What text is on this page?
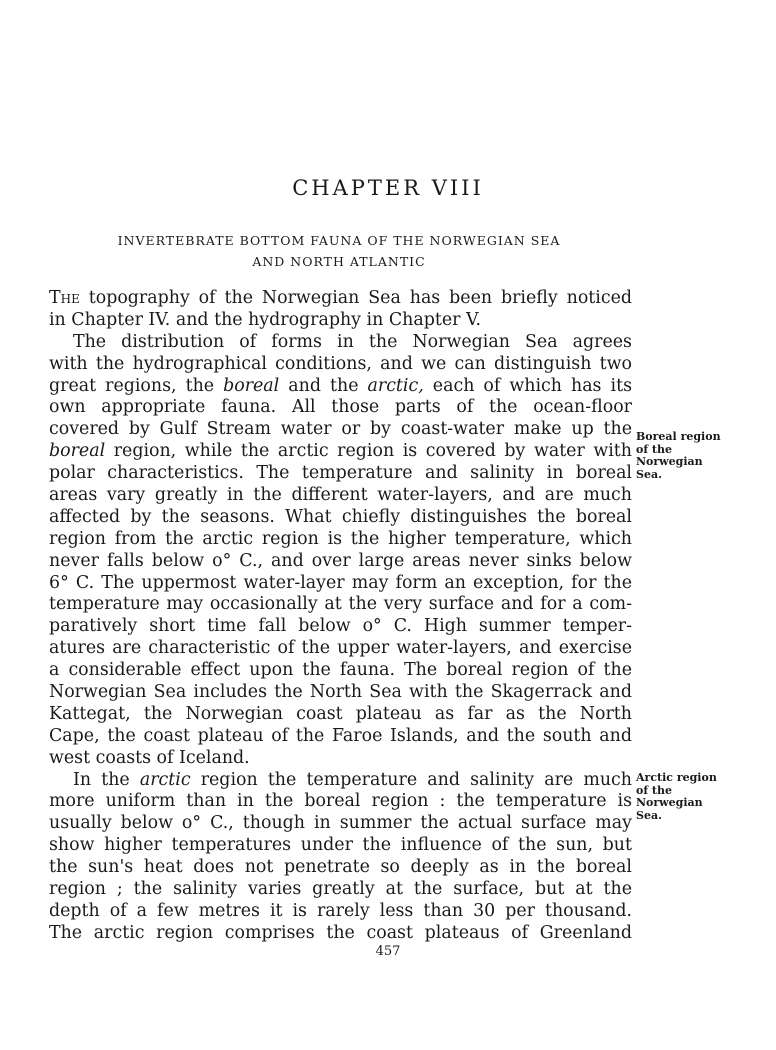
CHAPTER VIII
INVERTEBRATE BOTTOM FAUNA OF THE NORWEGIAN SEA
AND NORTH ATLANTIC
The topography of the Norwegian Sea has been briefly noticed
in Chapter IV. and the hydrography in Chapter V.
The distribution of forms in the Norwegian Sea agrees
with the hydrographical conditions, and we can distinguish two
great regions, the boreal and the arctic, each of which has its
own appropriate fauna. All those parts of the ocean-floor
covered by Gulf Stream water or by coast-water make up the
boreal region, while the arctic region is covered by water with
polar characteristics. The temperature and salinity in boreal
areas vary greatly in the different water-layers, and are much
affected by the seasons. What chiefly distinguishes the boreal
region from the arctic region is the higher temperature, which
never falls below o° C., and over large areas never sinks below
6° C. The uppermost water-layer may form an exception, for the
temperature may occasionally at the very surface and for a com-
paratively short time fall below o° C. High summer temper-
atures are characteristic of the upper water-layers, and exercise
a considerable effect upon the fauna. The boreal region of the
Norwegian Sea includes the North Sea with the Skagerrack and
Kattegat, the Norwegian coast plateau as far as the North
Cape, the coast plateau of the Faroe Islands, and the south and
west coasts of Iceland.
In the arctic region the temperature and salinity are much
more uniform than in the boreal region : the temperature is
usually below o° C., though in summer the actual surface may
show higher temperatures under the influence of the sun, but
the sun's heat does not penetrate so deeply as in the boreal
region ; the salinity varies greatly at the surface, but at the
depth of a few metres it is rarely less than 30 per thousand.
The arctic region comprises the coast plateaus of Greenland
Boreal region
of the
Norwegian
Sea.
Arctic region
of the
Norwegian
Sea.
457
